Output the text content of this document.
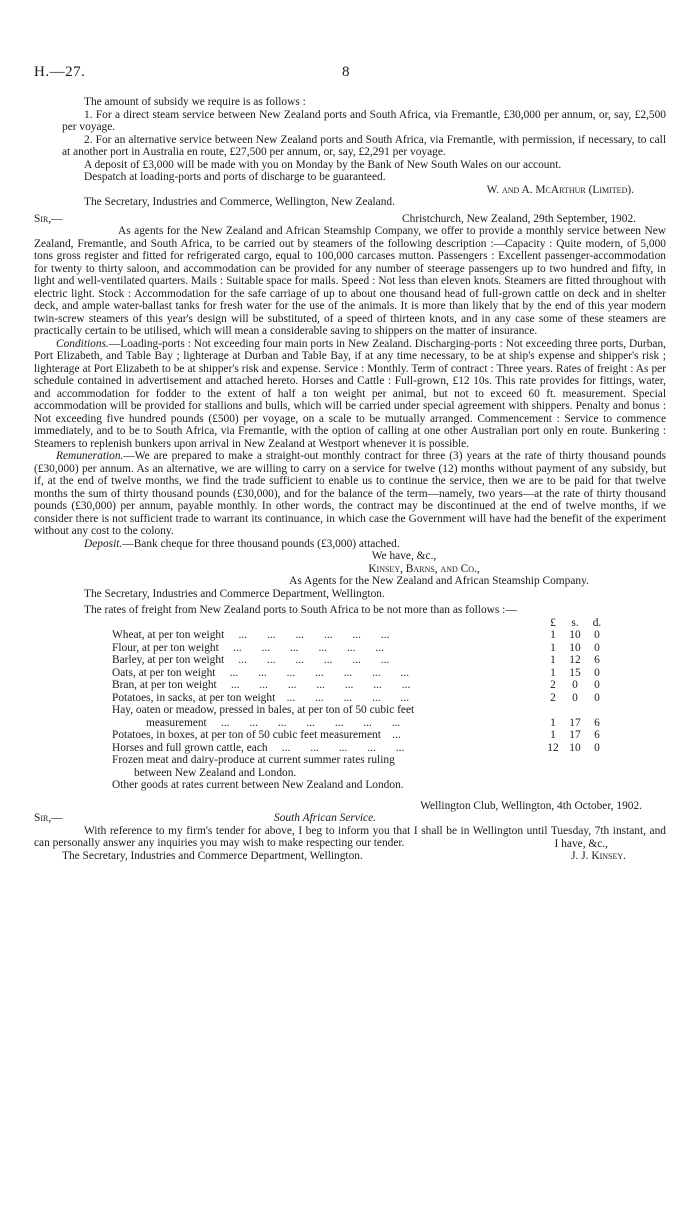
H.—27.	8

The amount of subsidy we require is as follows :

1. For a direct steam service between New Zealand ports and South Africa, via Fremantle, £30,000 per annum, or, say, £2,500 per voyage.

2. For an alternative service between New Zealand ports and South Africa, via Fremantle, with permission, if necessary, to call at another port in Australia en route, £27,500 per annum, or, say, £2,291 per voyage.

A deposit of £3,000 will be made with you on Monday by the Bank of New South Wales on our account.

Despatch at loading-ports and ports of discharge to be guaranteed.

W. and A. McArthur (Limited).

The Secretary, Industries and Commerce, Wellington, New Zealand.

Sir,—	Christchurch, New Zealand, 29th September, 1902.

As agents for the New Zealand and African Steamship Company, we offer to provide a monthly service between New Zealand, Fremantle, and South Africa, to be carried out by steamers of the following description :—Capacity : Quite modern, of 5,000 tons gross register and fitted for refrigerated cargo, equal to 100,000 carcases mutton. Passengers : Excellent passenger-accommodation for twenty to thirty saloon, and accommodation can be provided for any number of steerage passengers up to two hundred and fifty, in light and well-ventilated quarters. Mails : Suitable space for mails. Speed : Not less than eleven knots. Steamers are fitted throughout with electric light. Stock : Accommodation for the safe carriage of up to about one thousand head of full-grown cattle on deck and in shelter deck, and ample water-ballast tanks for fresh water for the use of the animals. It is more than likely that by the end of this year modern twin-screw steamers of this year's design will be substituted, of a speed of thirteen knots, and in any case some of these steamers are practically certain to be utilised, which will mean a considerable saving to shippers on the matter of insurance.

Conditions.—Loading-ports : Not exceeding four main ports in New Zealand. Discharging-ports : Not exceeding three ports, Durban, Port Elizabeth, and Table Bay ; lighterage at Durban and Table Bay, if at any time necessary, to be at ship's expense and shipper's risk ; lighterage at Port Elizabeth to be at shipper's risk and expense. Service : Monthly. Term of contract : Three years. Rates of freight : As per schedule contained in advertisement and attached hereto. Horses and Cattle : Full-grown, £12 10s. This rate provides for fittings, water, and accommodation for fodder to the extent of half a ton weight per animal, but not to exceed 60 ft. measurement. Special accommodation will be provided for stallions and bulls, which will be carried under special agreement with shippers. Penalty and bonus : Not exceeding five hundred pounds (£500) per voyage, on a scale to be mutually arranged. Commencement : Service to commence immediately, and to be to South Africa, via Fremantle, with the option of calling at one other Australian port only en route. Bunkering : Steamers to replenish bunkers upon arrival in New Zealand at Westport whenever it is possible.

Remuneration.—We are prepared to make a straight-out monthly contract for three (3) years at the rate of thirty thousand pounds (£30,000) per annum. As an alternative, we are willing to carry on a service for twelve (12) months without payment of any subsidy, but if, at the end of twelve months, we find the trade sufficient to enable us to continue the service, then we are to be paid for that twelve months the sum of thirty thousand pounds (£30,000), and for the balance of the term—namely, two years—at the rate of thirty thousand pounds (£30,000) per annum, payable monthly. In other words, the contract may be discontinued at the end of twelve months, if we consider there is not sufficient trade to warrant its continuance, in which case the Government will have had the benefit of the experiment without any cost to the colony.

Deposit.—Bank cheque for three thousand pounds (£3,000) attached.

We have, &c.,

Kinsey, Barns, and Co.,

As Agents for the New Zealand and African Steamship Company.

The Secretary, Industries and Commerce Department, Wellington.

The rates of freight from New Zealand ports to South Africa to be not more than as follows :—

£	s.	d.
Wheat, at per ton weight     ...       ...       ...       ...       ...       ...	1	10	0
Flour, at per ton weight     ...       ...       ...       ...       ...       ...	1	10	0
Barley, at per ton weight     ...       ...       ...       ...       ...       ...	1	12	6
Oats, at per ton weight     ...       ...       ...       ...       ...       ...       ...	1	15	0
Bran, at per ton weight     ...       ...       ...       ...       ...       ...       ...	2	0	0
Potatoes, in sacks, at per ton weight    ...       ...       ...       ...       ...	2	0	0
Hay, oaten or meadow, pressed in bales, at per ton of 50 cubic feet
measurement     ...       ...       ...       ...       ...       ...       ...	1	17	6
Potatoes, in boxes, at per ton of 50 cubic feet measurement    ...	1	17	6
Horses and full grown cattle, each     ...       ...       ...       ...       ...	12 10	0
Frozen meat and dairy-produce at current summer rates ruling
between New Zealand and London.
Other goods at rates current between New Zealand and London.

Wellington Club, Wellington, 4th October, 1902.

Sir,—	South African Service.

With reference to my firm's tender for above, I beg to inform you that I shall be in Wellington until Tuesday, 7th instant, and can personally answer any inquiries you may wish to make respecting our tender.	I have, &c.,

The Secretary, Industries and Commerce Department, Wellington.	J. J. Kinsey.
